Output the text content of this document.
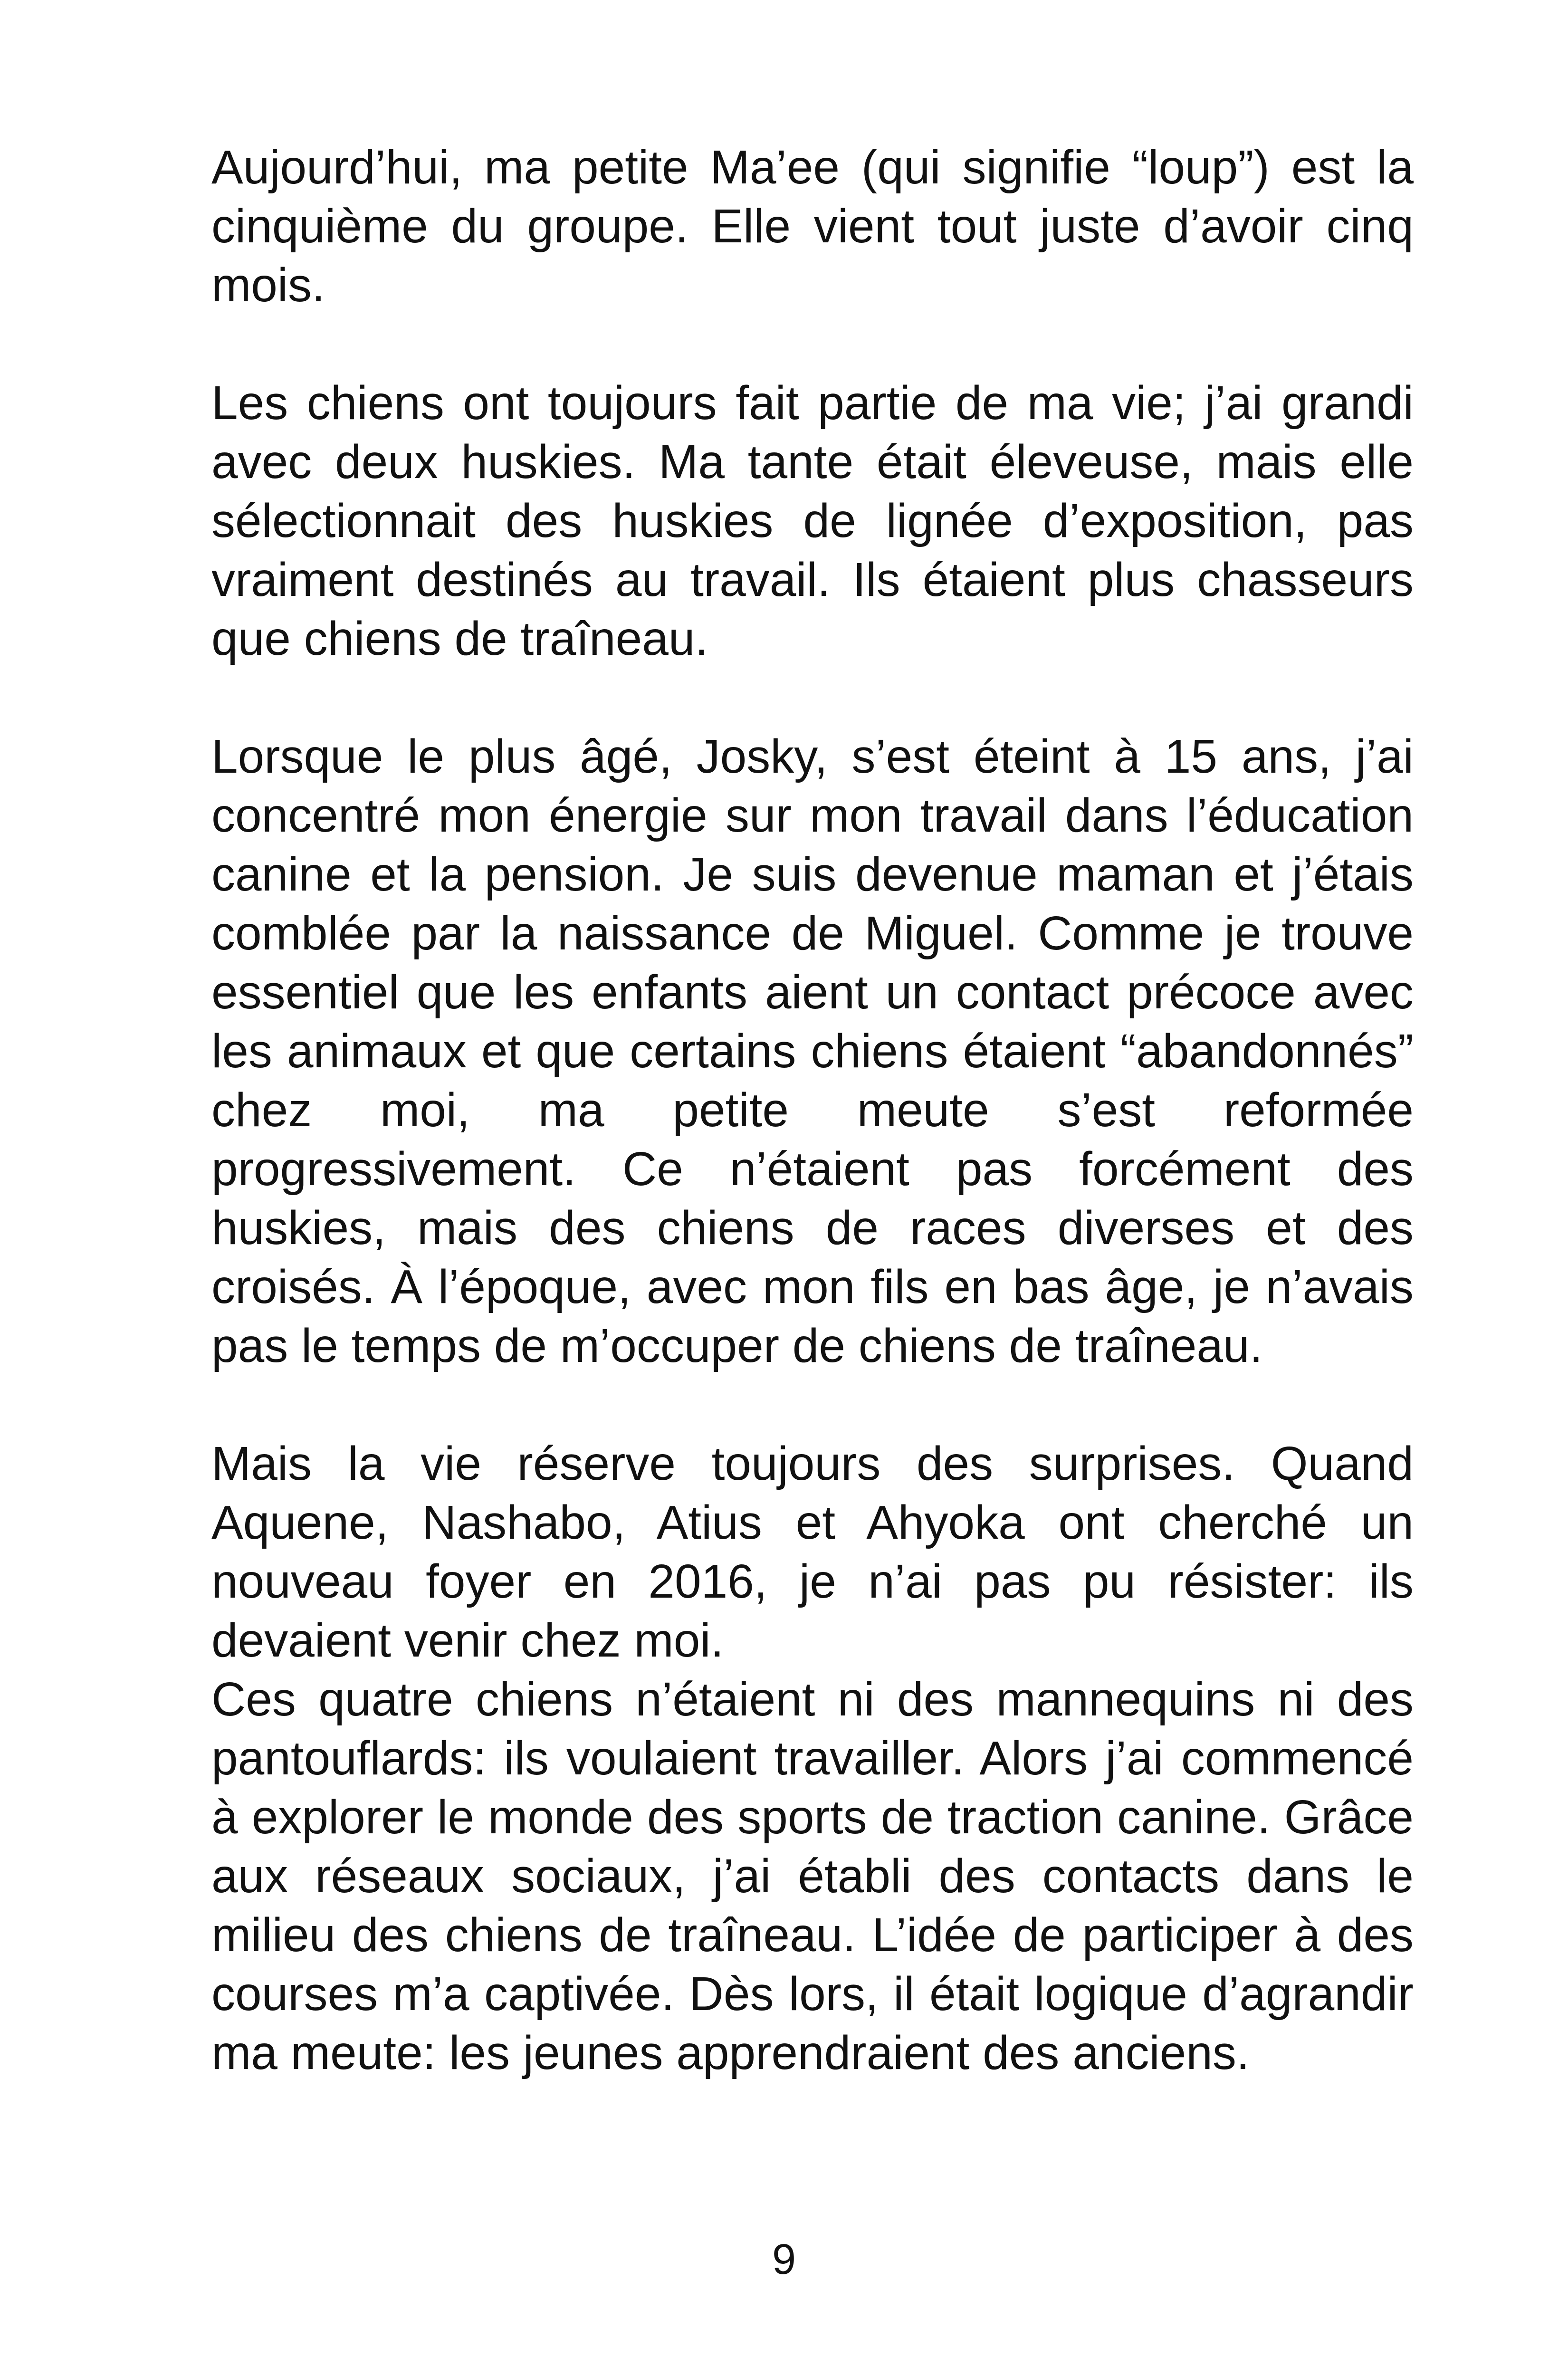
Aujourd’hui, ma petite Ma’ee (qui signifie “loup”) est la cinquième du groupe. Elle vient tout juste d’avoir cinq mois.

Les chiens ont toujours fait partie de ma vie; j’ai grandi avec deux huskies. Ma tante était éleveuse, mais elle sélectionnait des huskies de lignée d’exposition, pas vraiment destinés au travail. Ils étaient plus chasseurs que chiens de traîneau.

Lorsque le plus âgé, Josky, s’est éteint à 15 ans, j’ai concentré mon énergie sur mon travail dans l’éducation canine et la pension. Je suis devenue maman et j’étais comblée par la naissance de Miguel. Comme je trouve essentiel que les enfants aient un contact précoce avec les animaux et que certains chiens étaient “abandonnés” chez moi, ma petite meute s’est reformée progressivement. Ce n’étaient pas forcément des huskies, mais des chiens de races diverses et des croisés. À l’époque, avec mon fils en bas âge, je n’avais pas le temps de m’occuper de chiens de traîneau.

Mais la vie réserve toujours des surprises. Quand Aquene, Nashabo, Atius et Ahyoka ont cherché un nouveau foyer en 2016, je n’ai pas pu résister: ils devaient venir chez moi.

Ces quatre chiens n’étaient ni des mannequins ni des pantouflards: ils voulaient travailler. Alors j’ai commencé à explorer le monde des sports de traction canine. Grâce aux réseaux sociaux, j’ai établi des contacts dans le milieu des chiens de traîneau. L’idée de participer à des courses m’a captivée. Dès lors, il était logique d’agrandir ma meute: les jeunes apprendraient des anciens.

9
